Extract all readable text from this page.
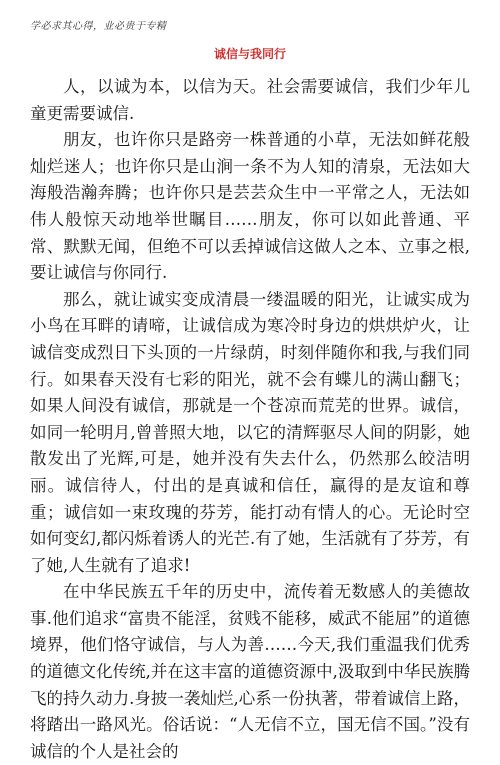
学必求其心得，业必贵于专精
诚信与我同行

人，以诚为本，以信为天。社会需要诚信，我们少年儿童更需要诚信.

朋友，也许你只是路旁一株普通的小草，无法如鲜花般灿烂迷人；也许你只是山涧一条不为人知的清泉，无法如大海般浩瀚奔腾；也许你只是芸芸众生中一平常之人，无法如伟人般惊天动地举世瞩目……朋友，你可以如此普通、平常、默默无闻，但绝不可以丢掉诚信这做人之本、立事之根,要让诚信与你同行.

那么，就让诚实变成清晨一缕温暖的阳光，让诚实成为小鸟在耳畔的请啼，让诚信成为寒冷时身边的烘烘炉火，让诚信变成烈日下头顶的一片绿荫，时刻伴随你和我,与我们同行。如果春天没有七彩的阳光，就不会有蝶儿的满山翻飞；如果人间没有诚信，那就是一个苍凉而荒芜的世界。诚信，如同一轮明月,曾普照大地，以它的清辉驱尽人间的阴影，她散发出了光辉,可是，她并没有失去什么，仍然那么皎洁明丽。诚信待人，付出的是真诚和信任，赢得的是友谊和尊重；诚信如一束玫瑰的芬芳，能打动有情人的心。无论时空如何变幻,都闪烁着诱人的光芒.有了她，生活就有了芬芳，有了她,人生就有了追求!

在中华民族五千年的历史中，流传着无数感人的美德故事.他们追求“富贵不能淫，贫贱不能移，威武不能屈”的道德境界，他们恪守诚信，与人为善……今天,我们重温我们优秀的道德文化传统,并在这丰富的道德资源中,汲取到中华民族腾飞的持久动力.身披一袭灿烂,心系一份执著，带着诚信上路，将踏出一路风光。俗话说：“人无信不立，国无信不国。”没有诚信的个人是社会的
